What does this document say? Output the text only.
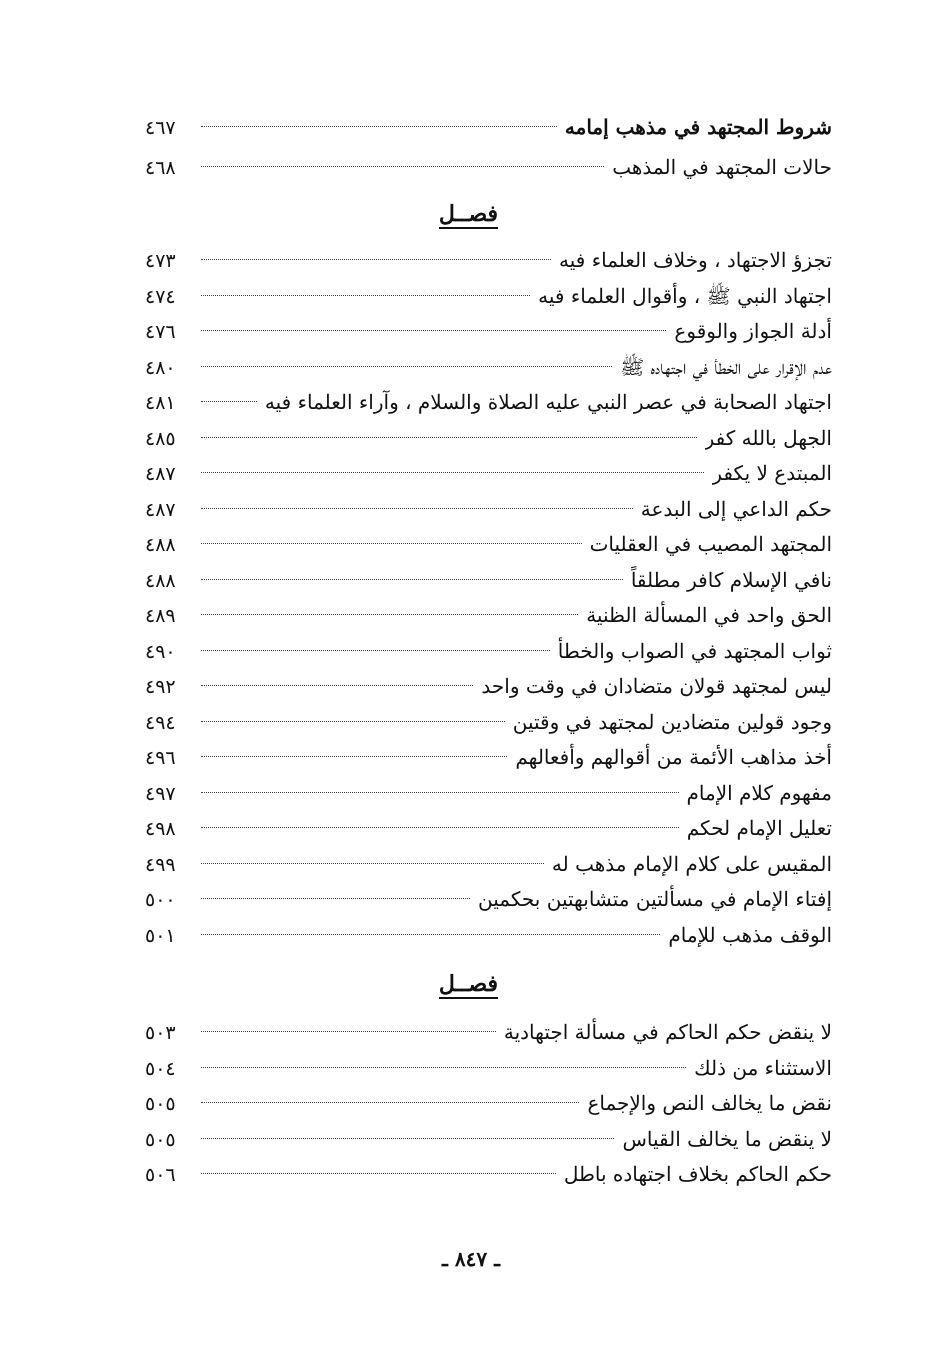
شروط المجتهد في مذهب إمامه
٤٦٧
حالات المجتهد في المذهب
٤٦٨
فصــل
تجزؤ الاجتهاد ، وخلاف العلماء فيه
٤٧٣
اجتهاد النبي ﷺ ، وأقوال العلماء فيه
٤٧٤
أدلة الجواز والوقوع
٤٧٦
عدم الإقرار على الخطأ في اجتهاده ﷺ
٤٨٠
اجتهاد الصحابة في عصر النبي عليه الصلاة والسلام ، وآراء العلماء فيه
٤٨١
الجهل بالله كفر
٤٨٥
المبتدع لا يكفر
٤٨٧
حكم الداعي إلى البدعة
٤٨٧
المجتهد المصيب في العقليات
٤٨٨
نافي الإسلام كافر مطلقاً
٤٨٨
الحق واحد في المسألة الظنية
٤٨٩
ثواب المجتهد في الصواب والخطأ
٤٩٠
ليس لمجتهد قولان متضادان في وقت واحد
٤٩٢
وجود قولين متضادين لمجتهد في وقتين
٤٩٤
أخذ مذاهب الأئمة من أقوالهم وأفعالهم
٤٩٦
مفهوم كلام الإمام
٤٩٧
تعليل الإمام لحكم
٤٩٨
المقيس على كلام الإمام مذهب له
٤٩٩
إفتاء الإمام في مسألتين متشابهتين بحكمين
٥٠٠
الوقف مذهب للإمام
٥٠١
فصــل
لا ينقض حكم الحاكم في مسألة اجتهادية
٥٠٣
الاستثناء من ذلك
٥٠٤
نقض ما يخالف النص والإجماع
٥٠٥
لا ينقض ما يخالف القياس
٥٠٥
حكم الحاكم بخلاف اجتهاده باطل
٥٠٦
ـ ٨٤٧ ـ
